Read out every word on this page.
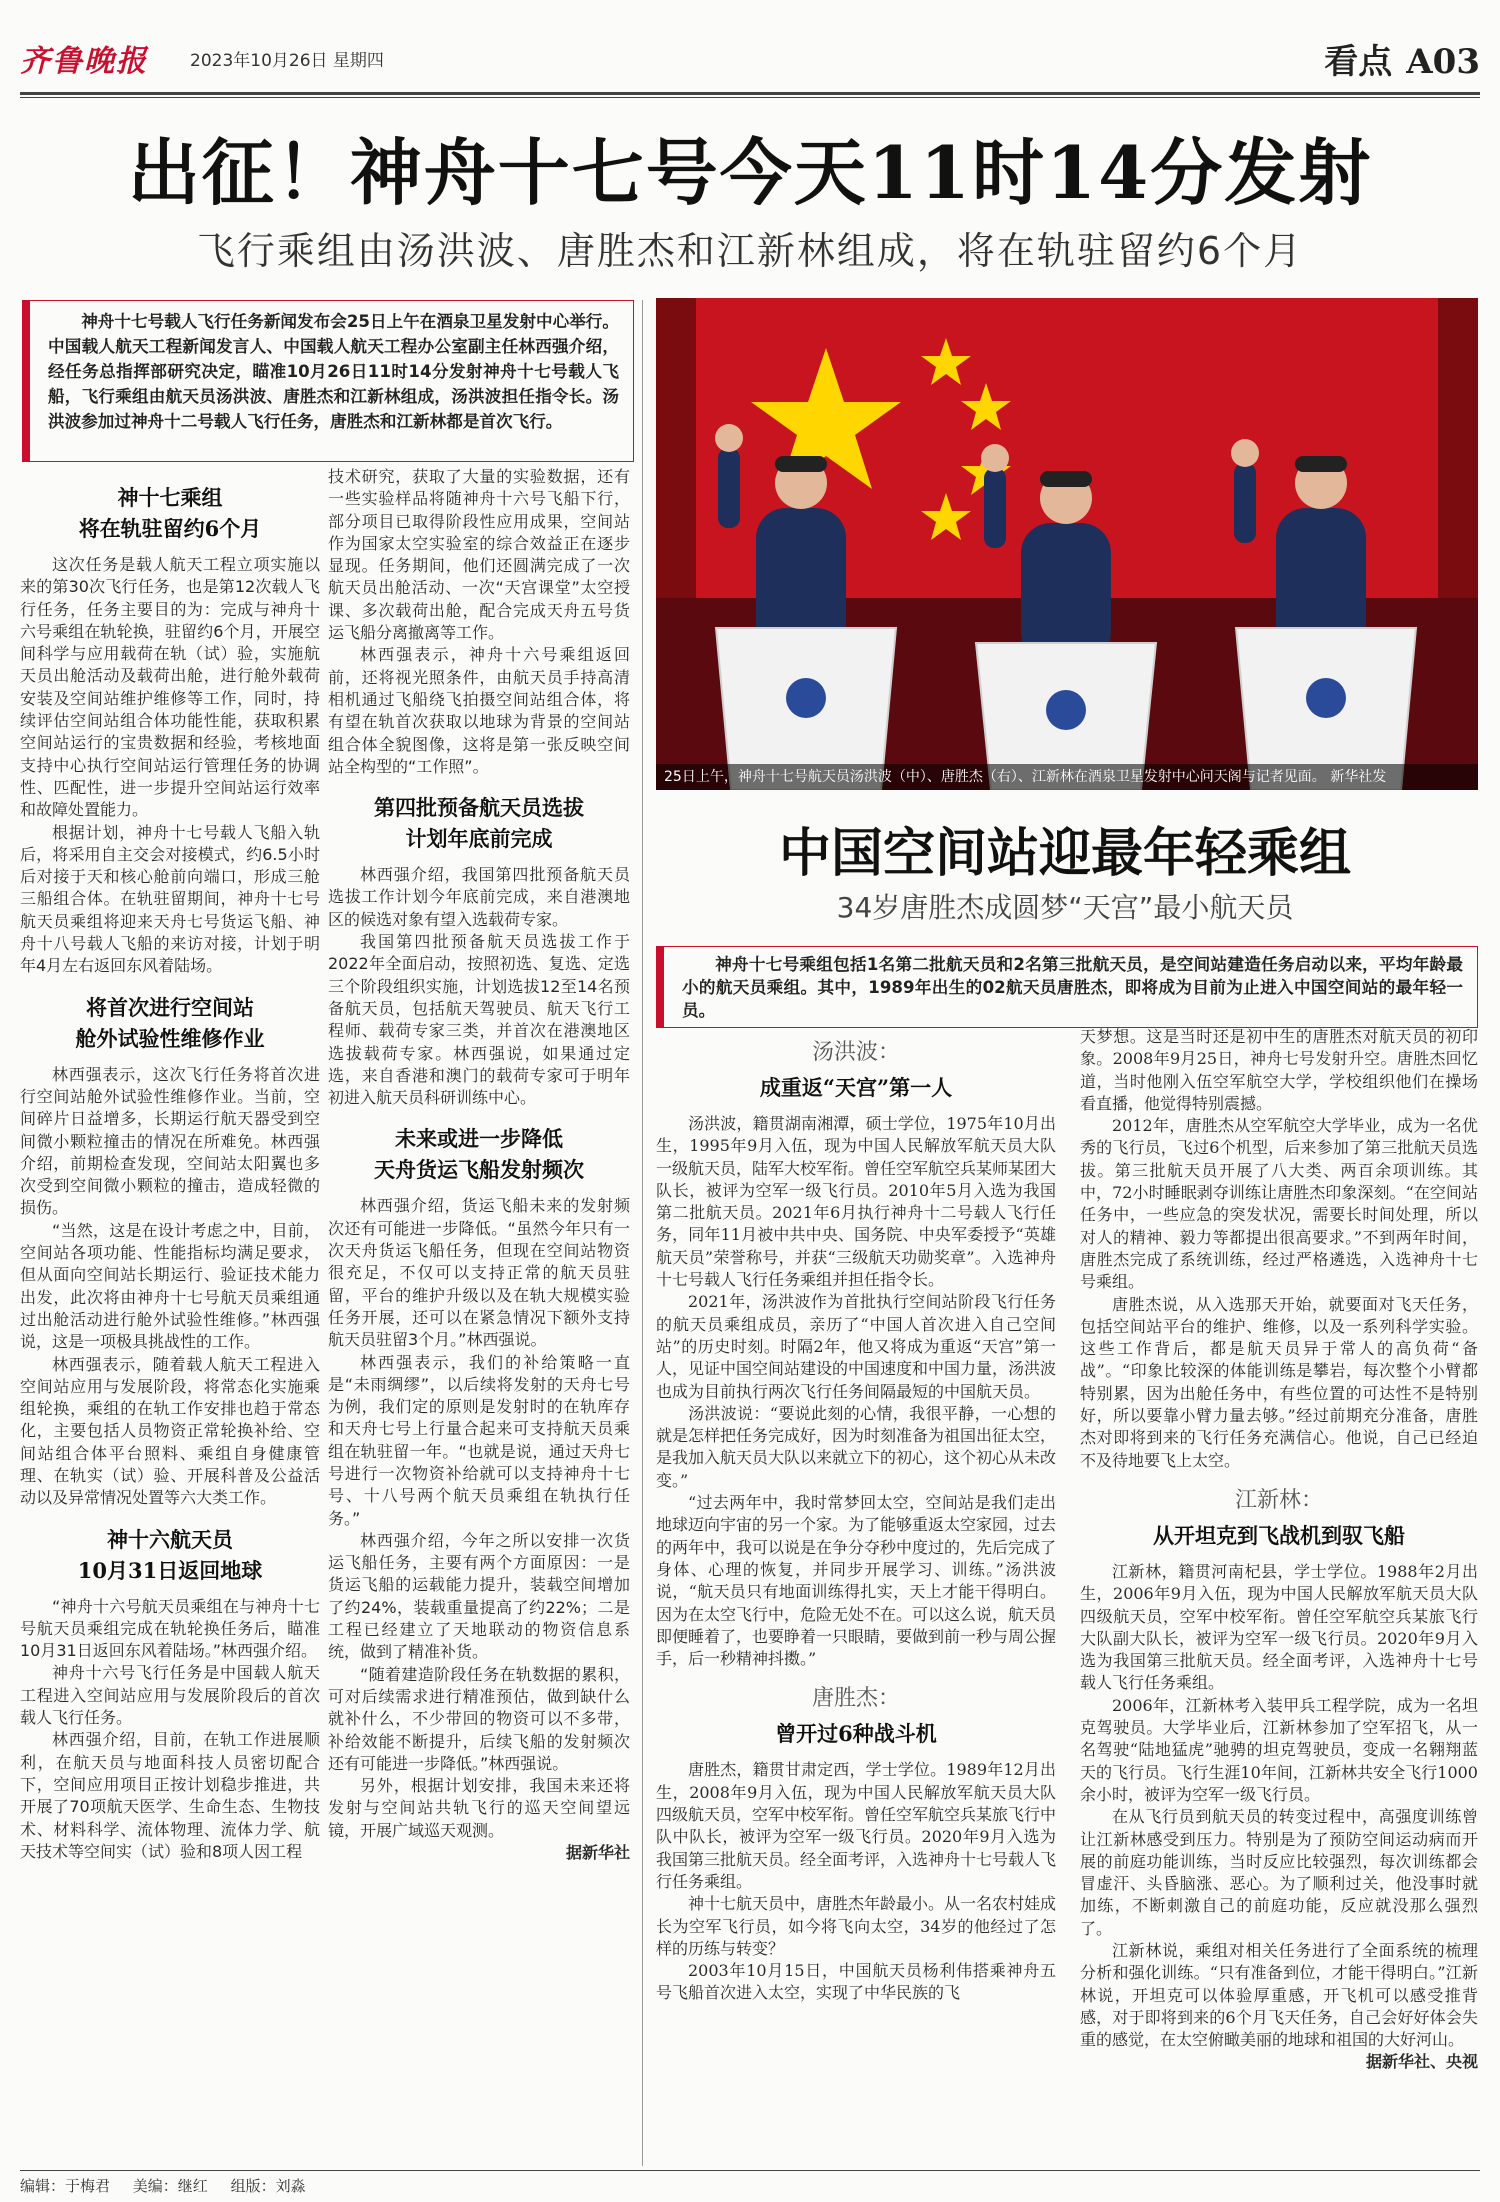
齐鲁晚报 2023年10月26日 星期四	看点 A03
出征！神舟十七号今天11时14分发射
飞行乘组由汤洪波、唐胜杰和江新林组成，将在轨驻留约6个月
神舟十七号载人飞行任务新闻发布会25日上午在酒泉卫星发射中心举行。中国载人航天工程新闻发言人、中国载人航天工程办公室副主任林西强介绍，经任务总指挥部研究决定，瞄准10月26日11时14分发射神舟十七号载人飞船，飞行乘组由航天员汤洪波、唐胜杰和江新林组成，汤洪波担任指令长。汤洪波参加过神舟十二号载人飞行任务，唐胜杰和江新林都是首次飞行。
神十七乘组
将在轨驻留约6个月

这次任务是载人航天工程立项实施以来的第30次飞行任务，也是第12次载人飞行任务，任务主要目的为：完成与神舟十六号乘组在轨轮换，驻留约6个月，开展空间科学与应用载荷在轨（试）验，实施航天员出舱活动及载荷出舱，进行舱外载荷安装及空间站维护维修等工作，同时，持续评估空间站组合体功能性能，获取积累空间站运行的宝贵数据和经验，考核地面支持中心执行空间站运行管理任务的协调性、匹配性，进一步提升空间站运行效率和故障处置能力。

根据计划，神舟十七号载人飞船入轨后，将采用自主交会对接模式，约6.5小时后对接于天和核心舱前向端口，形成三舱三船组合体。在轨驻留期间，神舟十七号航天员乘组将迎来天舟七号货运飞船、神舟十八号载人飞船的来访对接，计划于明年4月左右返回东风着陆场。

将首次进行空间站
舱外试验性维修作业

林西强表示，这次飞行任务将首次进行空间站舱外试验性维修作业。当前，空间碎片日益增多，长期运行航天器受到空间微小颗粒撞击的情况在所难免。林西强介绍，前期检查发现，空间站太阳翼也多次受到空间微小颗粒的撞击，造成轻微的损伤。

“当然，这是在设计考虑之中，目前，空间站各项功能、性能指标均满足要求，但从面向空间站长期运行、验证技术能力出发，此次将由神舟十七号航天员乘组通过出舱活动进行舱外试验性维修。”林西强说，这是一项极具挑战性的工作。

林西强表示，随着载人航天工程进入空间站应用与发展阶段，将常态化实施乘组轮换，乘组的在轨工作安排也趋于常态化，主要包括人员物资正常轮换补给、空间站组合体平台照料、乘组自身健康管理、在轨实（试）验、开展科普及公益活动以及异常情况处置等六大类工作。

神十六航天员
10月31日返回地球

“神舟十六号航天员乘组在与神舟十七号航天员乘组完成在轨轮换任务后，瞄准10月31日返回东风着陆场。”林西强介绍。

神舟十六号飞行任务是中国载人航天工程进入空间站应用与发展阶段后的首次载人飞行任务。

林西强介绍，目前，在轨工作进展顺利，在航天员与地面科技人员密切配合下，空间应用项目正按计划稳步推进，共开展了70项航天医学、生命生态、生物技术、材料科学、流体物理、流体力学、航天技术等空间实（试）验和8项人因工程

技术研究，获取了大量的实验数据，还有一些实验样品将随神舟十六号飞船下行，部分项目已取得阶段性应用成果，空间站作为国家太空实验室的综合效益正在逐步显现。任务期间，他们还圆满完成了一次航天员出舱活动、一次“天宫课堂”太空授课、多次载荷出舱，配合完成天舟五号货运飞船分离撤离等工作。

林西强表示，神舟十六号乘组返回前，还将视光照条件，由航天员手持高清相机通过飞船绕飞拍摄空间站组合体，将有望在轨首次获取以地球为背景的空间站组合体全貌图像，这将是第一张反映空间站全构型的“工作照”。

第四批预备航天员选拔
计划年底前完成

林西强介绍，我国第四批预备航天员选拔工作计划今年底前完成，来自港澳地区的候选对象有望入选载荷专家。

我国第四批预备航天员选拔工作于2022年全面启动，按照初选、复选、定选三个阶段组织实施，计划选拔12至14名预备航天员，包括航天驾驶员、航天飞行工程师、载荷专家三类，并首次在港澳地区选拔载荷专家。林西强说，如果通过定选，来自香港和澳门的载荷专家可于明年初进入航天员科研训练中心。

未来或进一步降低
天舟货运飞船发射频次

林西强介绍，货运飞船未来的发射频次还有可能进一步降低。“虽然今年只有一次天舟货运飞船任务，但现在空间站物资很充足，不仅可以支持正常的航天员驻留，平台的维护升级以及在轨大规模实验任务开展，还可以在紧急情况下额外支持航天员驻留3个月。”林西强说。

林西强表示，我们的补给策略一直是“未雨绸缪”，以后续将发射的天舟七号为例，我们定的原则是发射时的在轨库存和天舟七号上行量合起来可支持航天员乘组在轨驻留一年。“也就是说，通过天舟七号进行一次物资补给就可以支持神舟十七号、十八号两个航天员乘组在轨执行任务。”

林西强介绍，今年之所以安排一次货运飞船任务，主要有两个方面原因：一是货运飞船的运载能力提升，装载空间增加了约24%，装载重量提高了约22%；二是工程已经建立了天地联动的物资信息系统，做到了精准补货。

“随着建造阶段任务在轨数据的累积，可对后续需求进行精准预估，做到缺什么就补什么，不少带回的物资可以不多带，补给效能不断提升，后续飞船的发射频次还有可能进一步降低。”林西强说。

另外，根据计划安排，我国未来还将发射与空间站共轨飞行的巡天空间望远镜，开展广域巡天观测。

据新华社

25日上午，神舟十七号航天员汤洪波（中）、唐胜杰（右）、江新林在酒泉卫星发射中心问天阁与记者见面。 新华社发
中国空间站迎最年轻乘组
34岁唐胜杰成圆梦“天宫”最小航天员
神舟十七号乘组包括1名第二批航天员和2名第三批航天员，是空间站建造任务启动以来，平均年龄最小的航天员乘组。其中，1989年出生的02航天员唐胜杰，即将成为目前为止进入中国空间站的最年轻一员。
汤洪波：
成重返“天宫”第一人

汤洪波，籍贯湖南湘潭，硕士学位，1975年10月出生，1995年9月入伍，现为中国人民解放军航天员大队一级航天员，陆军大校军衔。曾任空军航空兵某师某团大队长，被评为空军一级飞行员。2010年5月入选为我国第二批航天员。2021年6月执行神舟十二号载人飞行任务，同年11月被中共中央、国务院、中央军委授予“英雄航天员”荣誉称号，并获“三级航天功勋奖章”。入选神舟十七号载人飞行任务乘组并担任指令长。

2021年，汤洪波作为首批执行空间站阶段飞行任务的航天员乘组成员，亲历了“中国人首次进入自己空间站”的历史时刻。时隔2年，他又将成为重返“天宫”第一人，见证中国空间站建设的中国速度和中国力量，汤洪波也成为目前执行两次飞行任务间隔最短的中国航天员。

汤洪波说：“要说此刻的心情，我很平静，一心想的就是怎样把任务完成好，因为时刻准备为祖国出征太空，是我加入航天员大队以来就立下的初心，这个初心从未改变。”

“过去两年中，我时常梦回太空，空间站是我们走出地球迈向宇宙的另一个家。为了能够重返太空家园，过去的两年中，我可以说是在争分夺秒中度过的，先后完成了身体、心理的恢复，并同步开展学习、训练。”汤洪波说，“航天员只有地面训练得扎实，天上才能干得明白。因为在太空飞行中，危险无处不在。可以这么说，航天员即便睡着了，也要睁着一只眼睛，要做到前一秒与周公握手，后一秒精神抖擞。”

唐胜杰：
曾开过6种战斗机

唐胜杰，籍贯甘肃定西，学士学位。1989年12月出生，2008年9月入伍，现为中国人民解放军航天员大队四级航天员，空军中校军衔。曾任空军航空兵某旅飞行中队中队长，被评为空军一级飞行员。2020年9月入选为我国第三批航天员。经全面考评，入选神舟十七号载人飞行任务乘组。

神十七航天员中，唐胜杰年龄最小。从一名农村娃成长为空军飞行员，如今将飞向太空，34岁的他经过了怎样的历练与转变？

2003年10月15日，中国航天员杨利伟搭乘神舟五号飞船首次进入太空，实现了中华民族的飞

天梦想。这是当时还是初中生的唐胜杰对航天员的初印象。2008年9月25日，神舟七号发射升空。唐胜杰回忆道，当时他刚入伍空军航空大学，学校组织他们在操场看直播，他觉得特别震撼。

2012年，唐胜杰从空军航空大学毕业，成为一名优秀的飞行员，飞过6个机型，后来参加了第三批航天员选拔。第三批航天员开展了八大类、两百余项训练。其中，72小时睡眠剥夺训练让唐胜杰印象深刻。“在空间站任务中，一些应急的突发状况，需要长时间处理，所以对人的精神、毅力等都提出很高要求。”不到两年时间，唐胜杰完成了系统训练，经过严格遴选，入选神舟十七号乘组。

唐胜杰说，从入选那天开始，就要面对飞天任务，包括空间站平台的维护、维修，以及一系列科学实验。这些工作背后，都是航天员异于常人的高负荷“备战”。“印象比较深的体能训练是攀岩，每次整个小臂都特别累，因为出舱任务中，有些位置的可达性不是特别好，所以要靠小臂力量去够。”经过前期充分准备，唐胜杰对即将到来的飞行任务充满信心。他说，自己已经迫不及待地要飞上太空。

江新林：
从开坦克到飞战机到驭飞船

江新林，籍贯河南杞县，学士学位。1988年2月出生，2006年9月入伍，现为中国人民解放军航天员大队四级航天员，空军中校军衔。曾任空军航空兵某旅飞行大队副大队长，被评为空军一级飞行员。2020年9月入选为我国第三批航天员。经全面考评，入选神舟十七号载人飞行任务乘组。

2006年，江新林考入装甲兵工程学院，成为一名坦克驾驶员。大学毕业后，江新林参加了空军招飞，从一名驾驶“陆地猛虎”驰骋的坦克驾驶员，变成一名翱翔蓝天的飞行员。飞行生涯10年间，江新林共安全飞行1000余小时，被评为空军一级飞行员。

在从飞行员到航天员的转变过程中，高强度训练曾让江新林感受到压力。特别是为了预防空间运动病而开展的前庭功能训练，当时反应比较强烈，每次训练都会冒虚汗、头昏脑涨、恶心。为了顺利过关，他没事时就加练，不断刺激自己的前庭功能，反应就没那么强烈了。

江新林说，乘组对相关任务进行了全面系统的梳理分析和强化训练。“只有准备到位，才能干得明白。”江新林说，开坦克可以体验厚重感，开飞机可以感受推背感，对于即将到来的6个月飞天任务，自己会好好体会失重的感觉，在太空俯瞰美丽的地球和祖国的大好河山。

据新华社、央视

编辑：于梅君 美编：继红 组版：刘淼
